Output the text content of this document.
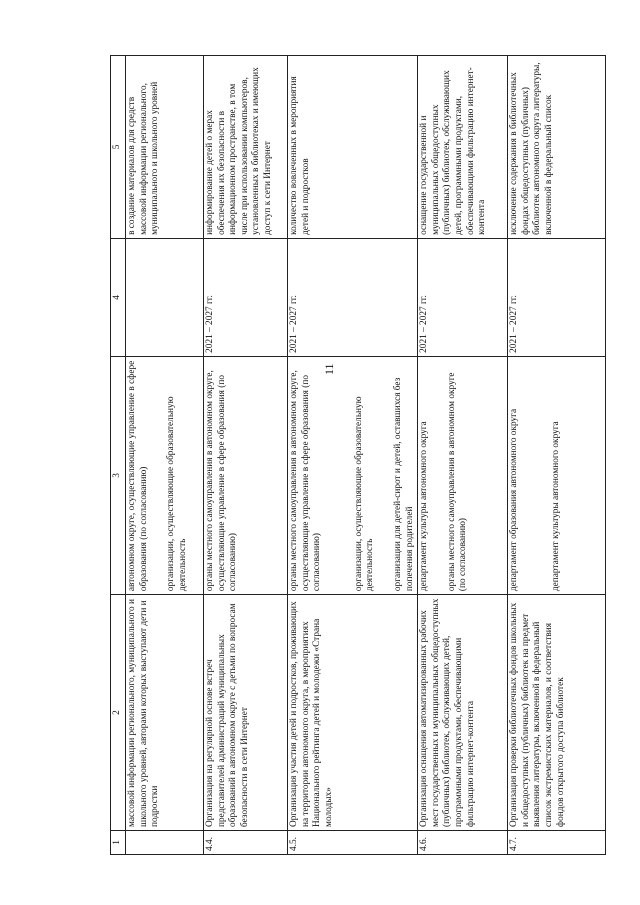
11
1	2	3	4	5
	массовой информации регионального, муниципального и школьного уровней, авторами которых выступают дети и подростки	автономном округе, осуществляющие управление в сфере образования (по согласованию) организации, осуществляющие образовательную деятельность		в создание материалов для средств массовой информации регионального, муниципального и школьного уровней
4.4.	Организация на регулярной основе встреч представителей администраций муниципальных образований в автономном округе с детьми по вопросам безопасности в сети Интернет	органы местного самоуправления в автономном округе, осуществляющие управление в сфере образования (по согласованию)	2021 – 2027 гг.	информирование детей о мерах обеспечения их безопасности в информационном пространстве, в том числе при использовании компьютеров, установленных в библиотеках и имеющих доступ к сети Интернет
4.5.	Организация участия детей и подростков, проживающих на территории автономного округа, в мероприятиях Национального рейтинга детей и молодежи «Страна молодых»	органы местного самоуправления в автономном округе, осуществляющие управление в сфере образования (по согласованию) организации, осуществляющие образовательную деятельность организации для детей-сирот и детей, оставшихся без попечения родителей	2021 – 2027 гг.	количество вовлеченных в мероприятия детей и подростков
4.6.	Организация оснащения автоматизированных рабочих мест государственных и муниципальных общедоступных (публичных) библиотек, обслуживающих детей, программными продуктами, обеспечивающими фильтрацию интернет-контента	департамент культуры автономного округа органы местного самоуправления в автономном округе (по согласованию)	2021 – 2027 гг.	оснащение государственной и муниципальных общедоступных (публичных) библиотек, обслуживающих детей, программными продуктами, обеспечивающими фильтрацию интернет-контента
4.7.	Организация проверки библиотечных фондов школьных и общедоступных (публичных) библиотек на предмет выявления литературы, включенной в федеральный список экстремистских материалов, и соответствия фондов открытого доступа библиотек	департамент образования автономного округа департамент культуры автономного округа	2021 – 2027 гг.	исключение содержания в библиотечных фондах общедоступных (публичных) библиотек автономного округа литературы, включенной в федеральный список
